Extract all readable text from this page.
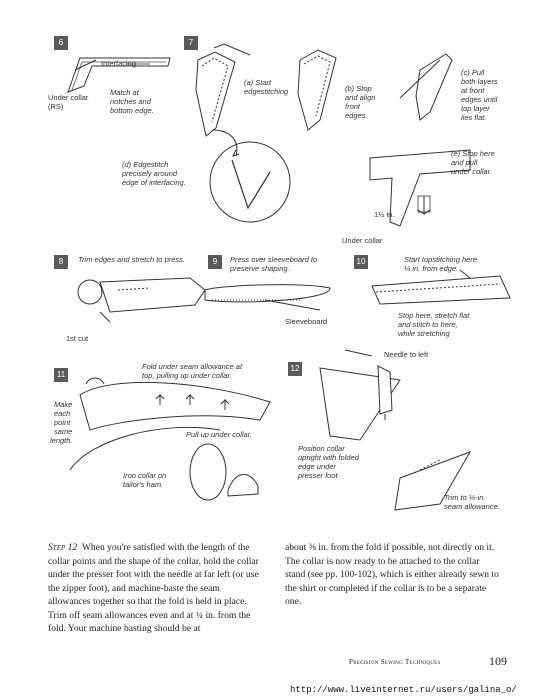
6	7
8	9	10
11
12
Interfacing
Under collar
(RS)
Match at
notches and
bottom edge.
(a) Start
edgestitching	(b) Stop
and align
front
edges.
(c) Pull
both layers
at front
edges until
top layer
lies flat.
(d) Edgestitch
precisely around
edge of interfacing.
(e) Stop here
and pull
under collar.
1½ in.
Under collar
Trim edges and stretch to press.
1st cut
Press over sleeveboard to
preserve shaping.
Sleeveboard
Start topstitching here
¼ in. from edge.
Stop here, stretch flat
and stitch to here,
while stretching
Fold under seam allowance at
top, pulling up under collar.
Make
each
point
same
length.
Pull up under collar.
Iron collar on
tailor's ham.
Needle to left
Position collar
upright with folded
edge under
presser foot
Trim to ¼-in.
seam allowance.

Step 12 When you're satisfied with the length of the collar points and the shape of the collar, hold the collar under the presser foot with the needle at far left (or use the zipper foot), and machine-baste the seam allowances together so that the fold is held in place. Trim off seam allowances even and at ¼ in. from the fold. Your machine basting should be at

about ⅜ in. from the fold if possible, not directly on it. The collar is now ready to be attached to the collar stand (see pp. 100-102), which is either already sewn to the shirt or completed if the collar is to be a separate one.

Precision Sewing Techniques	109
http://www.liveinternet.ru/users/galina_o/
